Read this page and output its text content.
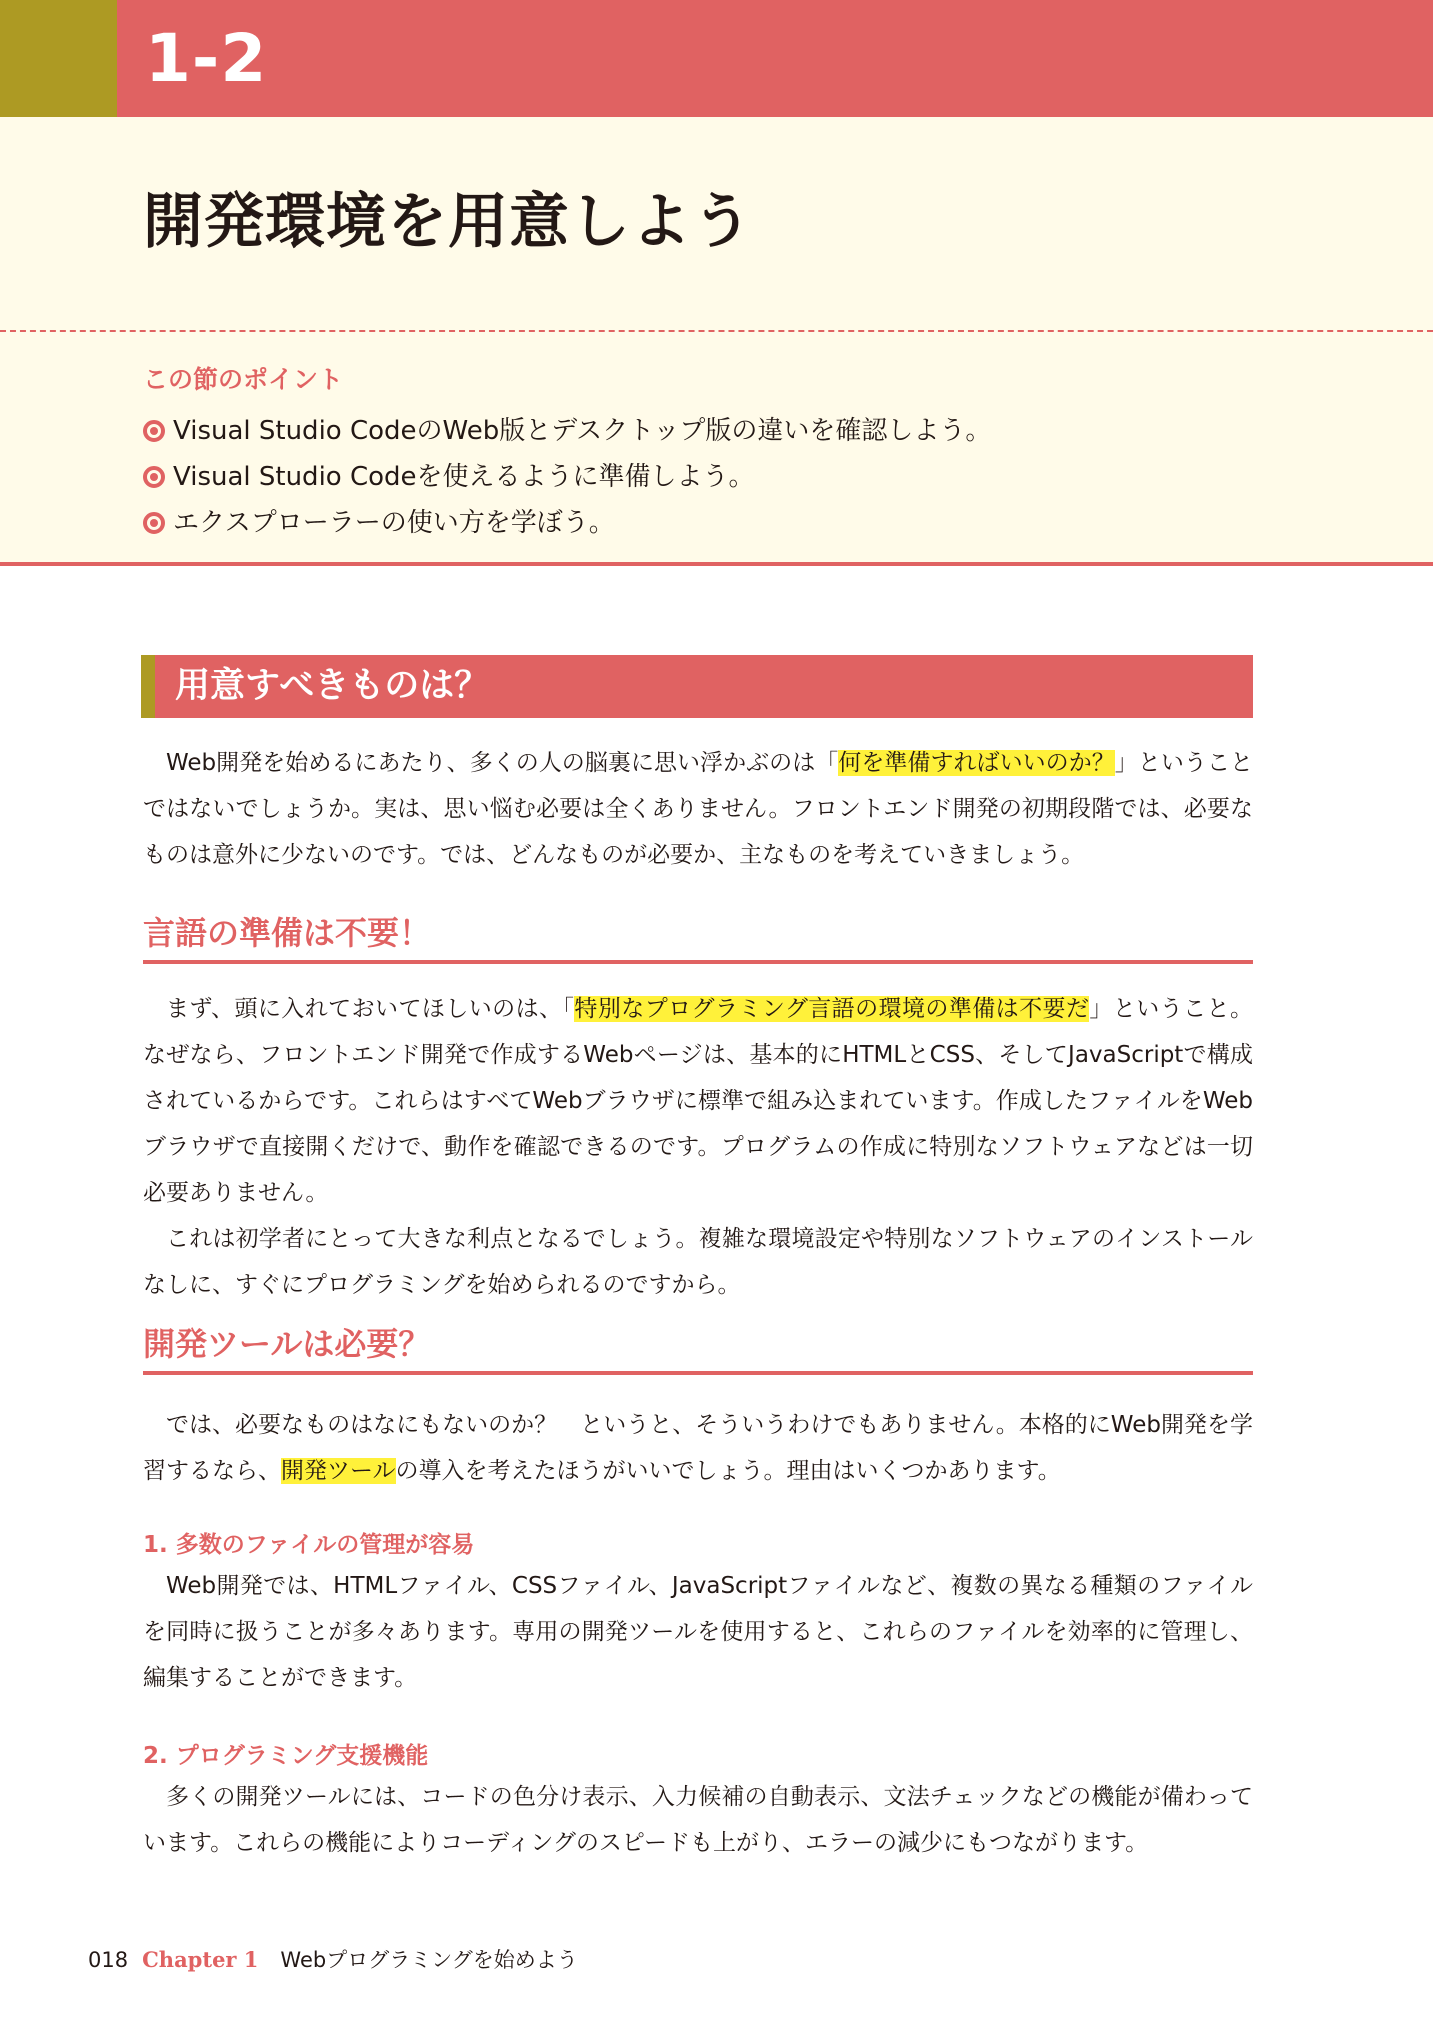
1-2
開発環境を用意しよう
この節のポイント
Visual Studio CodeのWeb版とデスクトップ版の違いを確認しよう。
Visual Studio Codeを使えるように準備しよう。
エクスプローラーの使い方を学ぼう。
用意すべきものは？

Web開発を始めるにあたり、多くの人の脳裏に思い浮かぶのは「何を準備すればいいのか？」ということではないでしょうか。実は、思い悩む必要は全くありません。フロントエンド開発の初期段階では、必要なものは意外に少ないのです。では、どんなものが必要か、主なものを考えていきましょう。

言語の準備は不要！

まず、頭に入れておいてほしいのは、「特別なプログラミング言語の環境の準備は不要だ」ということ。なぜなら、フロントエンド開発で作成するWebページは、基本的にHTMLとCSS、そしてJavaScriptで構成されているからです。これらはすべてWebブラウザに標準で組み込まれています。作成したファイルをWebブラウザで直接開くだけで、動作を確認できるのです。プログラムの作成に特別なソフトウェアなどは一切必要ありません。

これは初学者にとって大きな利点となるでしょう。複雑な環境設定や特別なソフトウェアのインストールなしに、すぐにプログラミングを始められるのですから。

開発ツールは必要？

では、必要なものはなにもないのか？　というと、そういうわけでもありません。本格的にWeb開発を学習するなら、開発ツールの導入を考えたほうがいいでしょう。理由はいくつかあります。

1. 多数のファイルの管理が容易

Web開発では、HTMLファイル、CSSファイル、JavaScriptファイルなど、複数の異なる種類のファイルを同時に扱うことが多々あります。専用の開発ツールを使用すると、これらのファイルを効率的に管理し、編集することができます。

2. プログラミング支援機能

多くの開発ツールには、コードの色分け表示、入力候補の自動表示、文法チェックなどの機能が備わっています。これらの機能によりコーディングのスピードも上がり、エラーの減少にもつながります。

018 Chapter 1 Webプログラミングを始めよう
